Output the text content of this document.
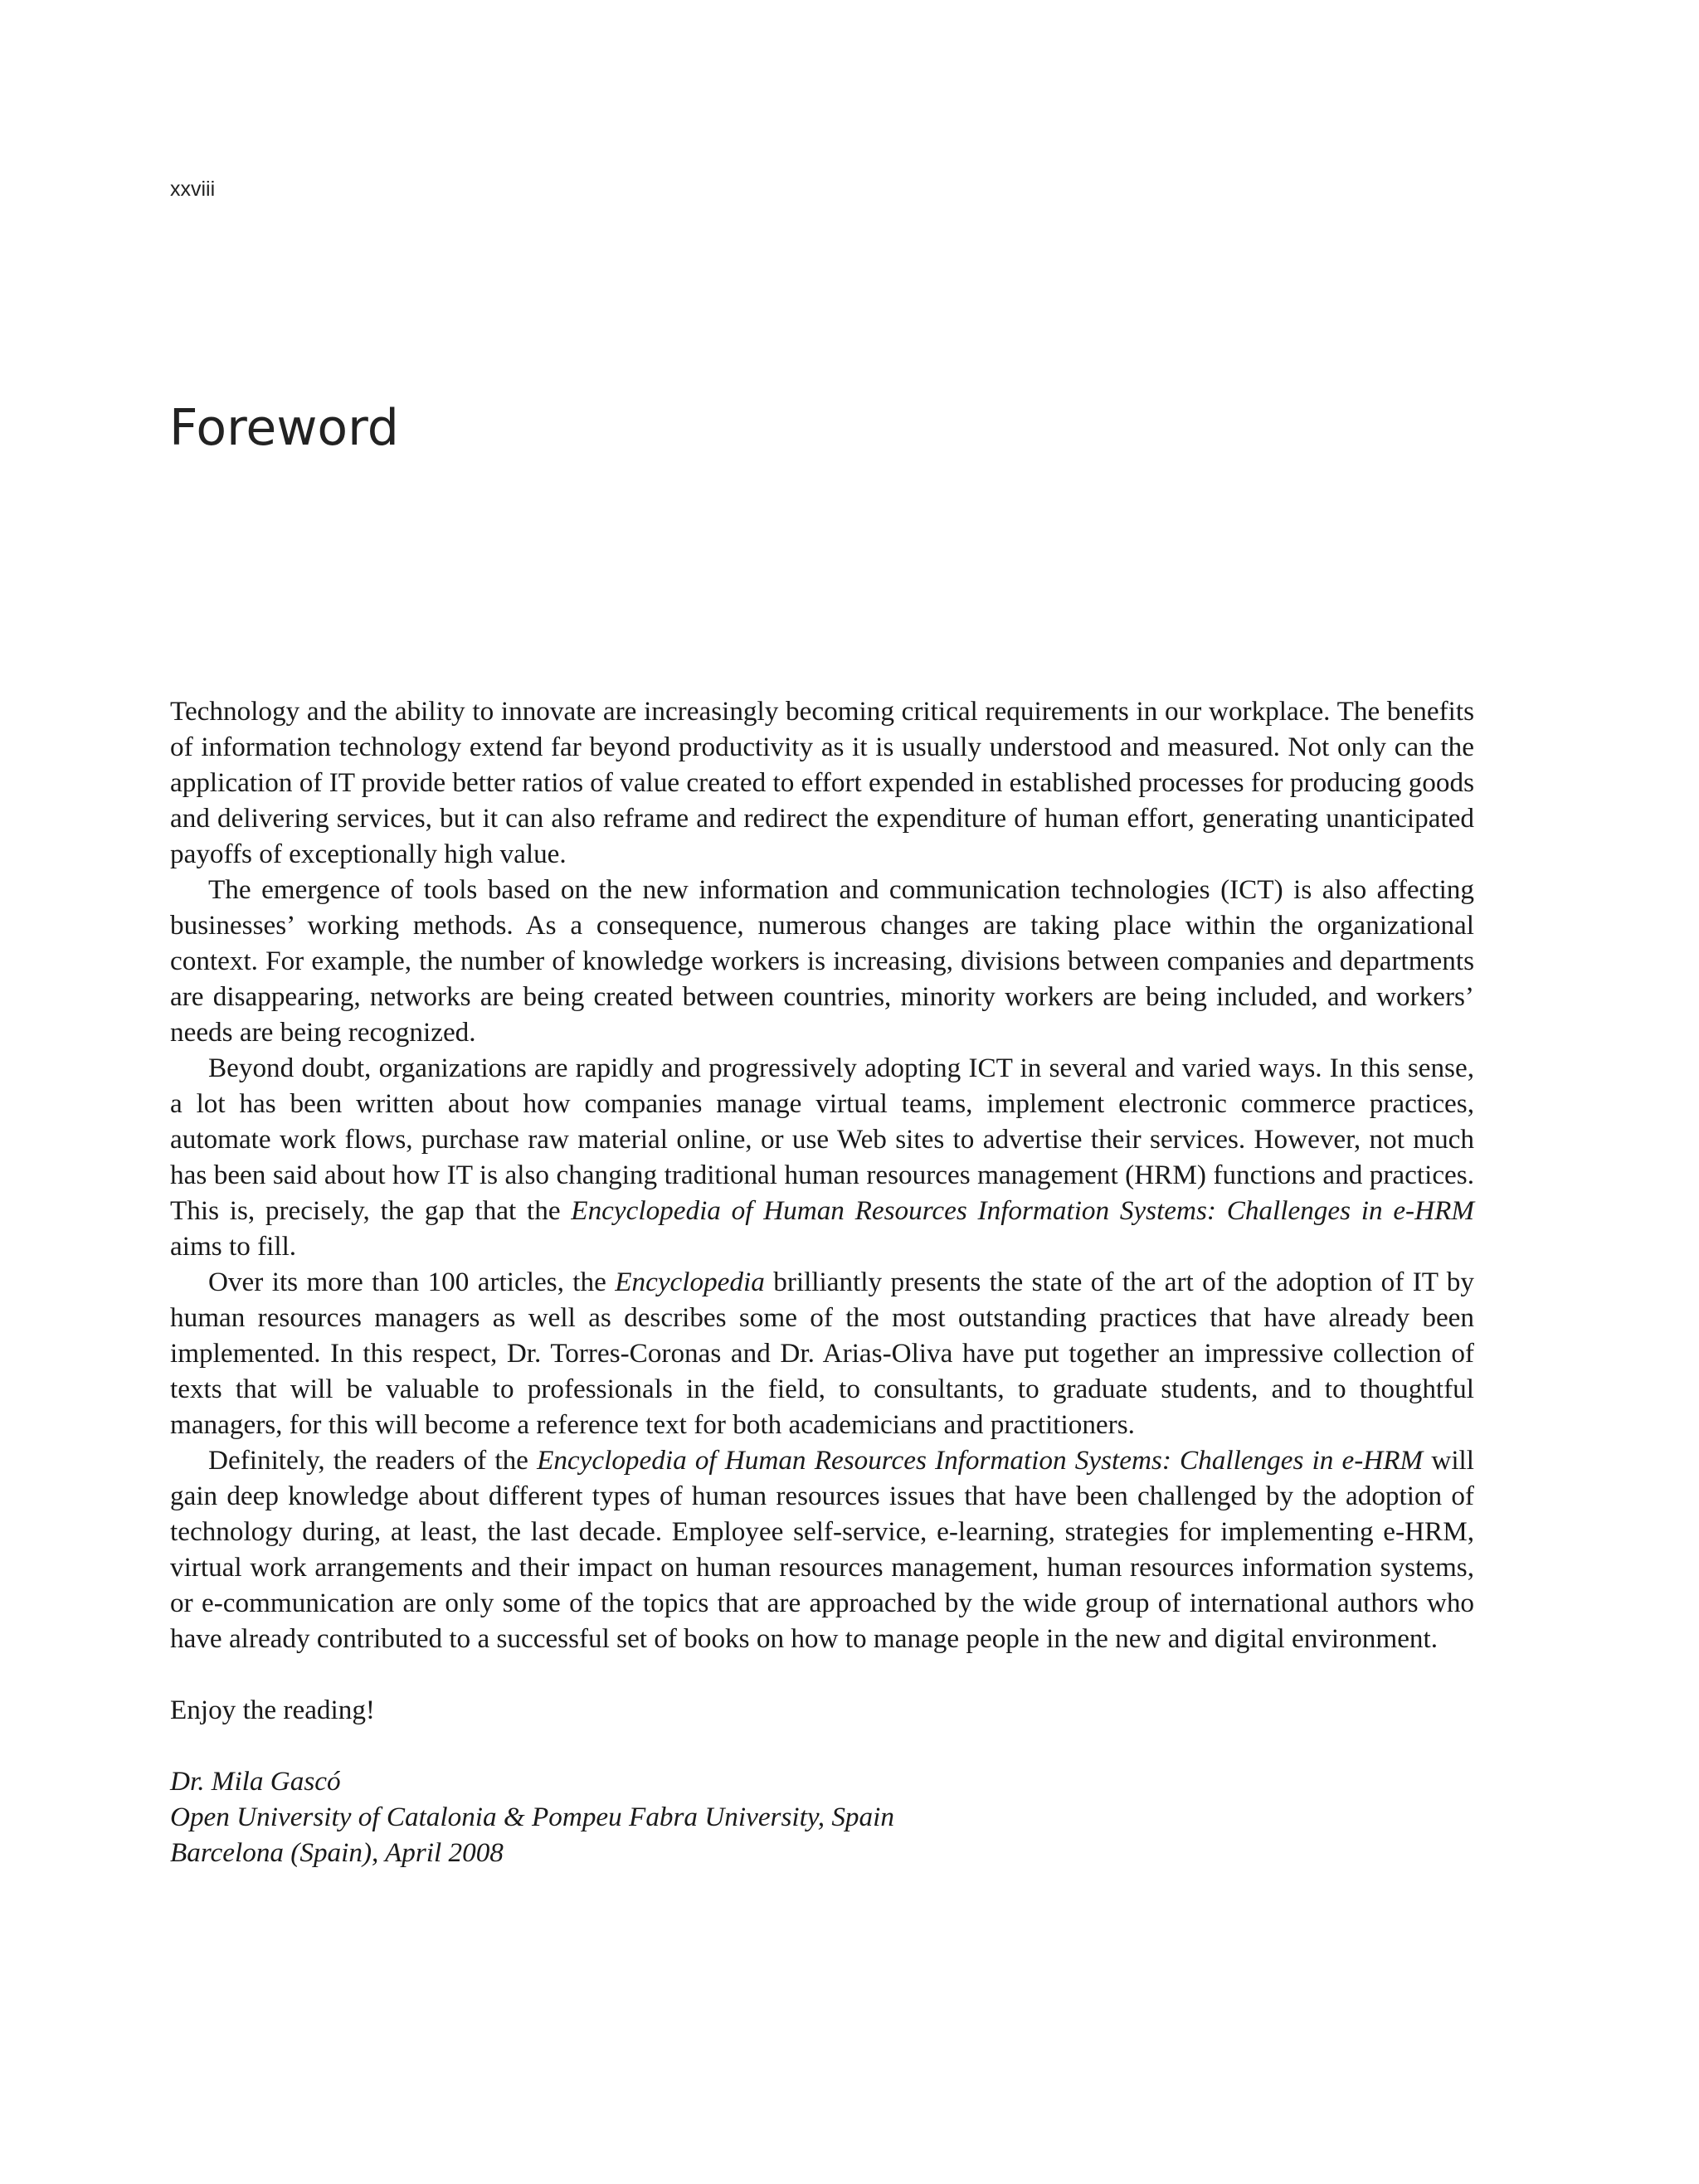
xxviii
Foreword

Technology and the ability to innovate are increasingly becoming critical requirements in our workplace. The benefits of information technology extend far beyond productivity as it is usually understood and measured. Not only can the application of IT provide better ratios of value created to effort expended in established processes for producing goods and delivering services, but it can also reframe and redirect the expenditure of human effort, generating unanticipated payoffs of exceptionally high value.

The emergence of tools based on the new information and communication technologies (ICT) is also affecting businesses’ working methods. As a consequence, numerous changes are taking place within the organizational context. For example, the number of knowledge workers is increasing, divisions between companies and departments are disappearing, networks are being created between countries, minority workers are being included, and workers’ needs are being recognized.

Beyond doubt, organizations are rapidly and progressively adopting ICT in several and varied ways. In this sense, a lot has been written about how companies manage virtual teams, implement electronic commerce practices, automate work flows, purchase raw material online, or use Web sites to advertise their services. However, not much has been said about how IT is also changing traditional human resources management (HRM) functions and practices. This is, precisely, the gap that the Encyclopedia of Human Resources Information Systems: Challenges in e-HRM aims to fill.

Over its more than 100 articles, the Encyclopedia brilliantly presents the state of the art of the adoption of IT by human resources managers as well as describes some of the most outstanding practices that have already been implemented. In this respect, Dr. Torres-Coronas and Dr. Arias-Oliva have put together an impressive collection of texts that will be valuable to professionals in the field, to consultants, to graduate students, and to thoughtful managers, for this will become a reference text for both academicians and practitioners.

Definitely, the readers of the Encyclopedia of Human Resources Information Systems: Challenges in e-HRM will gain deep knowledge about different types of human resources issues that have been challenged by the adoption of technology during, at least, the last decade. Employee self-service, e-learning, strategies for implementing e-HRM, virtual work arrangements and their impact on human resources management, human resources information systems, or e-communication are only some of the topics that are approached by the wide group of international authors who have already contributed to a successful set of books on how to manage people in the new and digital environment.

Enjoy the reading!

Dr. Mila Gascó
Open University of Catalonia & Pompeu Fabra University, Spain
Barcelona (Spain), April 2008
